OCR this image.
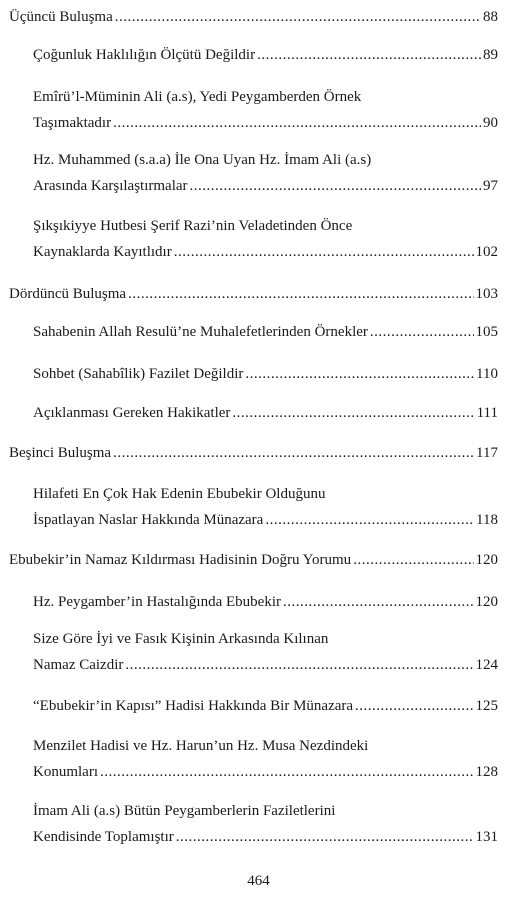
Üçüncü Buluşma .....	88
Çoğunluk Haklılığın Ölçütü Değildir .....	89
Emîrü’l-Müminin Ali (a.s), Yedi Peygamberden Örnek
Taşımaktadır .....	90
Hz. Muhammed (s.a.a) İle Ona Uyan Hz. İmam Ali (a.s)
Arasında Karşılaştırmalar .....	97
Şıkşıkiyye Hutbesi Şerif Razi’nin Veladetinden Önce
Kaynaklarda Kayıtlıdır .....	102
Dördüncü Buluşma .....	103
Sahabenin Allah Resulü’ne Muhalefetlerinden Örnekler .....	105
Sohbet (Sahabîlik) Fazilet Değildir .....	110
Açıklanması Gereken Hakikatler .....	111
Beşinci Buluşma .....	117
Hilafeti En Çok Hak Edenin Ebubekir Olduğunu
İspatlayan Naslar Hakkında Münazara .....	118
Ebubekir’in Namaz Kıldırması Hadisinin Doğru Yorumu .....	120
Hz. Peygamber’in Hastalığında Ebubekir .....	120
Size Göre İyi ve Fasık Kişinin Arkasında Kılınan
Namaz Caizdir .....	124
“Ebubekir’in Kapısı” Hadisi Hakkında Bir Münazara .....	125
Menzilet Hadisi ve Hz. Harun’un Hz. Musa Nezdindeki
Konumları .....	128
İmam Ali (a.s) Bütün Peygamberlerin Faziletlerini
Kendisinde Toplamıştır .....	131
464
